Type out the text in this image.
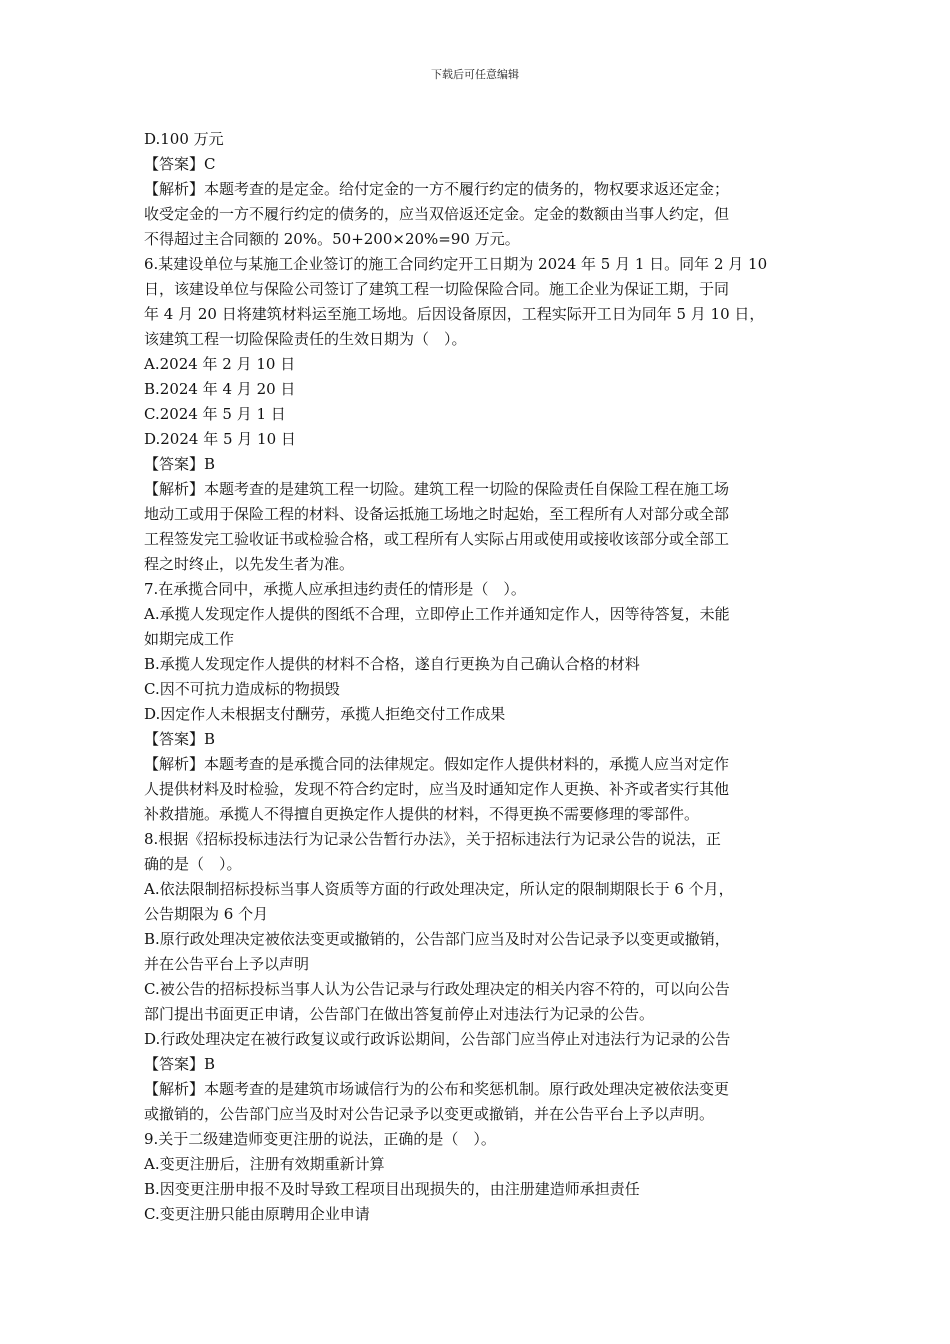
下载后可任意编辑
D.100 万元
【答案】C
【解析】本题考查的是定金。给付定金的一方不履行约定的债务的，物权要求返还定金；
收受定金的一方不履行约定的债务的，应当双倍返还定金。定金的数额由当事人约定，但
不得超过主合同额的 20%。50+200×20%=90 万元。
6.某建设单位与某施工企业签订的施工合同约定开工日期为 2024 年 5 月 1 日。同年 2 月 10
日，该建设单位与保险公司签订了建筑工程一切险保险合同。施工企业为保证工期，于同
年 4 月 20 日将建筑材料运至施工场地。后因设备原因，工程实际开工日为同年 5 月 10 日，
该建筑工程一切险保险责任的生效日期为（　）。
A.2024 年 2 月 10 日
B.2024 年 4 月 20 日
C.2024 年 5 月 1 日
D.2024 年 5 月 10 日
【答案】B
【解析】本题考查的是建筑工程一切险。建筑工程一切险的保险责任自保险工程在施工场
地动工或用于保险工程的材料、设备运抵施工场地之时起始，至工程所有人对部分或全部
工程签发完工验收证书或检验合格，或工程所有人实际占用或使用或接收该部分或全部工
程之时终止，以先发生者为准。
7.在承揽合同中，承揽人应承担违约责任的情形是（　）。
A.承揽人发现定作人提供的图纸不合理，立即停止工作并通知定作人，因等待答复，未能
如期完成工作
B.承揽人发现定作人提供的材料不合格，遂自行更换为自己确认合格的材料
C.因不可抗力造成标的物损毁
D.因定作人未根据支付酬劳，承揽人拒绝交付工作成果
【答案】B
【解析】本题考查的是承揽合同的法律规定。假如定作人提供材料的，承揽人应当对定作
人提供材料及时检验，发现不符合约定时，应当及时通知定作人更换、补齐或者实行其他
补救措施。承揽人不得擅自更换定作人提供的材料，不得更换不需要修理的零部件。
8.根据《招标投标违法行为记录公告暂行办法》，关于招标违法行为记录公告的说法，正
确的是（　）。
A.依法限制招标投标当事人资质等方面的行政处理决定，所认定的限制期限长于 6 个月，
公告期限为 6 个月
B.原行政处理决定被依法变更或撤销的，公告部门应当及时对公告记录予以变更或撤销，
并在公告平台上予以声明
C.被公告的招标投标当事人认为公告记录与行政处理决定的相关内容不符的，可以向公告
部门提出书面更正申请，公告部门在做出答复前停止对违法行为记录的公告。
D.行政处理决定在被行政复议或行政诉讼期间，公告部门应当停止对违法行为记录的公告
【答案】B
【解析】本题考查的是建筑市场诚信行为的公布和奖惩机制。原行政处理决定被依法变更
或撤销的，公告部门应当及时对公告记录予以变更或撤销，并在公告平台上予以声明。
9.关于二级建造师变更注册的说法，正确的是（　）。
A.变更注册后，注册有效期重新计算
B.因变更注册申报不及时导致工程项目出现损失的，由注册建造师承担责任
C.变更注册只能由原聘用企业申请
